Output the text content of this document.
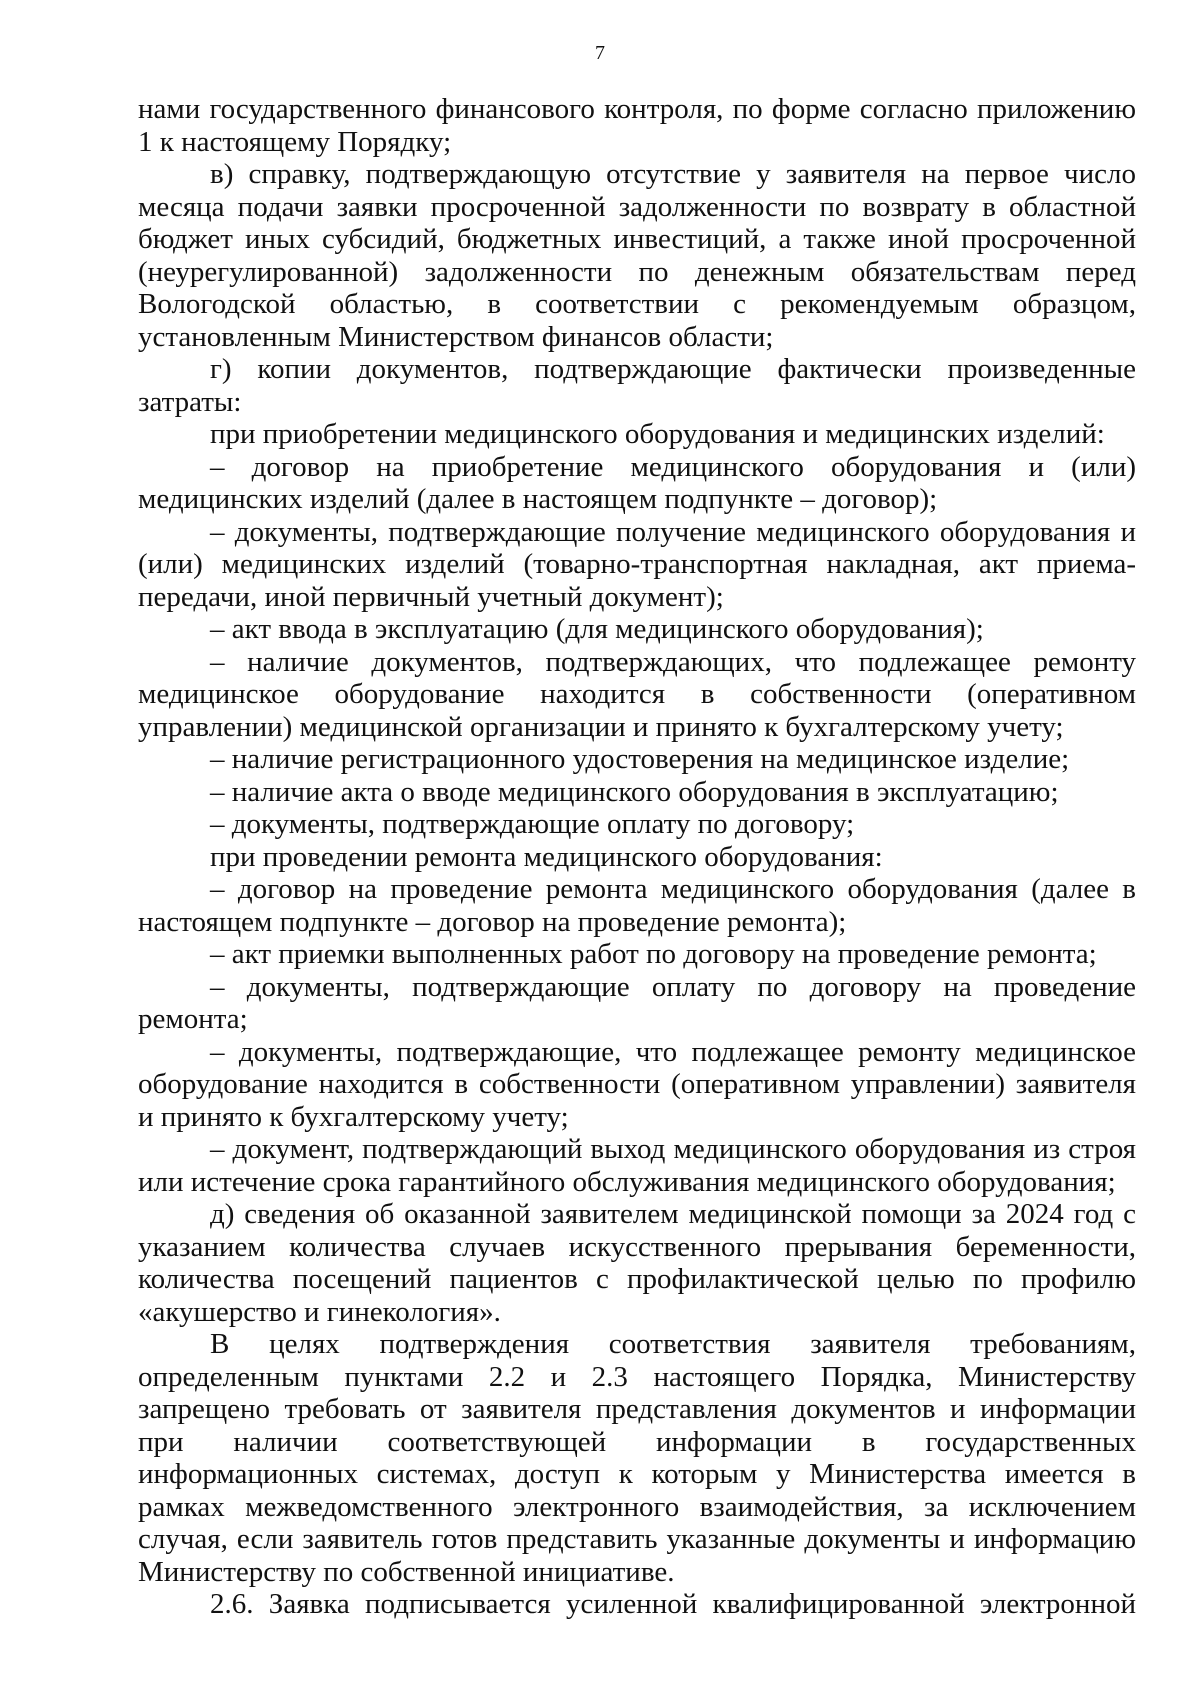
7

нами государственного финансового контроля, по форме согласно приложению 1 к настоящему Порядку;

в) справку, подтверждающую отсутствие у заявителя на первое число месяца подачи заявки просроченной задолженности по возврату в областной бюджет иных субсидий, бюджетных инвестиций, а также иной просроченной (неурегулированной) задолженности по денежным обязательствам перед Вологодской областью, в соответствии с рекомендуемым образцом, установленным Министерством финансов области;

г) копии документов, подтверждающие фактически произведенные затраты:

при приобретении медицинского оборудования и медицинских изделий:

– договор на приобретение медицинского оборудования и (или) медицинских изделий (далее в настоящем подпункте – договор);

– документы, подтверждающие получение медицинского оборудования и (или) медицинских изделий (товарно-транспортная накладная, акт приема-передачи, иной первичный учетный документ);

– акт ввода в эксплуатацию (для медицинского оборудования);

– наличие документов, подтверждающих, что подлежащее ремонту медицинское оборудование находится в собственности (оперативном управлении) медицинской организации и принято к бухгалтерскому учету;

– наличие регистрационного удостоверения на медицинское изделие;

– наличие акта о вводе медицинского оборудования в эксплуатацию;

– документы, подтверждающие оплату по договору;

при проведении ремонта медицинского оборудования:

– договор на проведение ремонта медицинского оборудования (далее в настоящем подпункте – договор на проведение ремонта);

– акт приемки выполненных работ по договору на проведение ремонта;

– документы, подтверждающие оплату по договору на проведение ремонта;

– документы, подтверждающие, что подлежащее ремонту медицинское оборудование находится в собственности (оперативном управлении) заявителя и принято к бухгалтерскому учету;

– документ, подтверждающий выход медицинского оборудования из строя или истечение срока гарантийного обслуживания медицинского оборудования;

д) сведения об оказанной заявителем медицинской помощи за 2024 год с указанием количества случаев искусственного прерывания беременности, количества посещений пациентов с профилактической целью по профилю «акушерство и гинекология».

В целях подтверждения соответствия заявителя требованиям, определенным пунктами 2.2 и 2.3 настоящего Порядка, Министерству запрещено требовать от заявителя представления документов и информации при наличии соответствующей информации в государственных информационных системах, доступ к которым у Министерства имеется в рамках межведомственного электронного взаимодействия, за исключением случая, если заявитель готов представить указанные документы и информацию Министерству по собственной инициативе.

2.6. Заявка подписывается усиленной квалифицированной электронной
